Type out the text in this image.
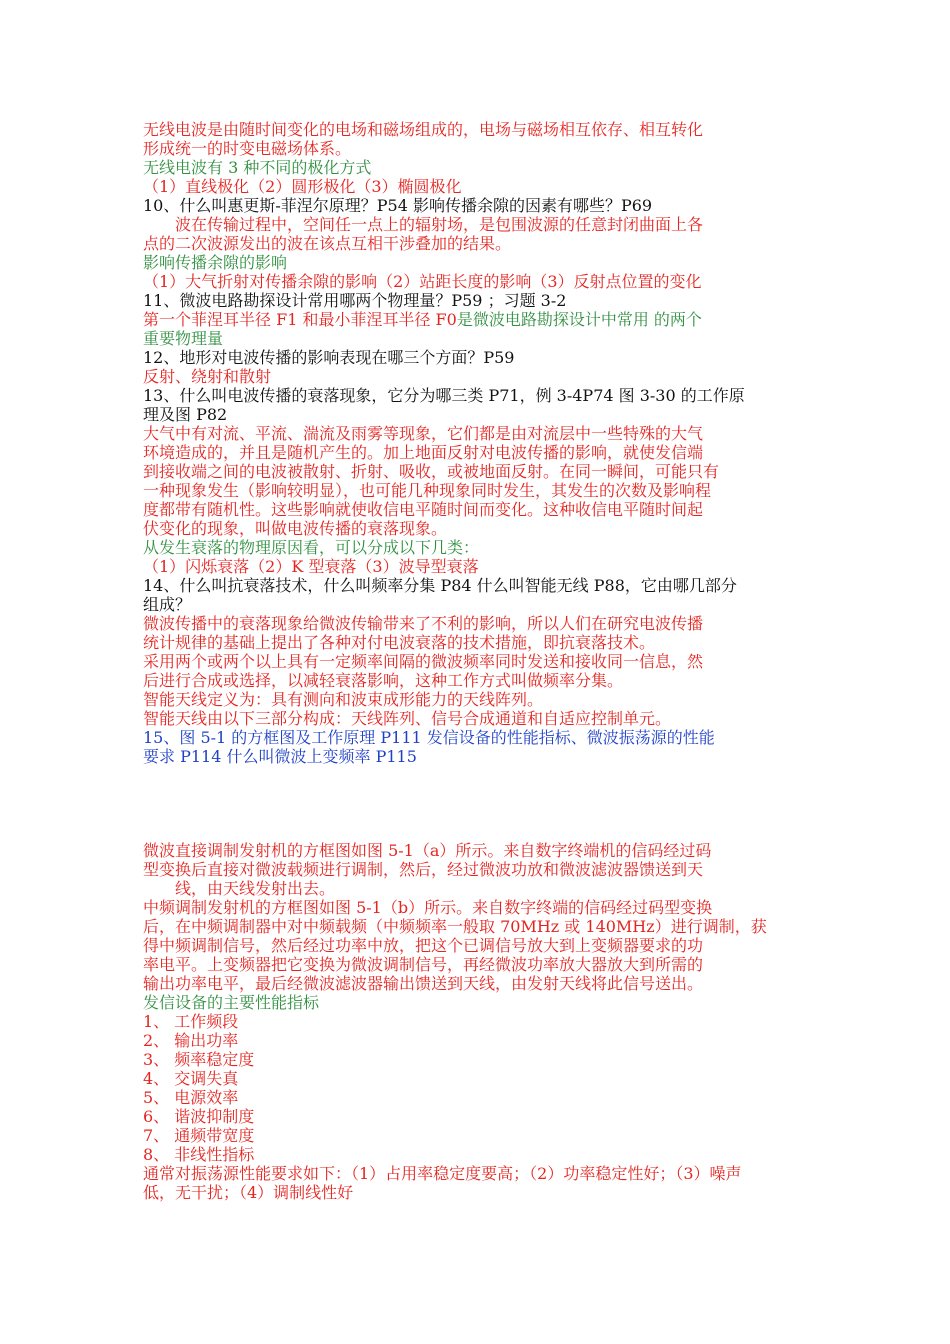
无线电波是由随时间变化的电场和磁场组成的，电场与磁场相互依存、相互转化
形成统一的时变电磁场体系。
无线电波有 3 种不同的极化方式
（1）直线极化（2）圆形极化（3）椭圆极化
10、什么叫惠更斯-菲涅尔原理？P54 影响传播余隙的因素有哪些？P69
波在传输过程中，空间任一点上的辐射场，是包围波源的任意封闭曲面上各
点的二次波源发出的波在该点互相干涉叠加的结果。
影响传播余隙的影响
（1）大气折射对传播余隙的影响（2）站距长度的影响（3）反射点位置的变化
11、微波电路勘探设计常用哪两个物理量？P59 ；习题 3-2
第一个菲涅耳半径 F1 和最小菲涅耳半径 F0是微波电路勘探设计中常用 的两个
重要物理量
12、地形对电波传播的影响表现在哪三个方面？P59
反射、绕射和散射
13、什么叫电波传播的衰落现象，它分为哪三类 P71，例 3-4P74 图 3-30 的工作原
理及图 P82
大气中有对流、平流、湍流及雨雾等现象，它们都是由对流层中一些特殊的大气
环境造成的，并且是随机产生的。加上地面反射对电波传播的影响，就使发信端
到接收端之间的电波被散射、折射、吸收，或被地面反射。在同一瞬间，可能只有
一种现象发生（影响较明显），也可能几种现象同时发生，其发生的次数及影响程
度都带有随机性。这些影响就使收信电平随时间而变化。这种收信电平随时间起
伏变化的现象，叫做电波传播的衰落现象。
从发生衰落的物理原因看，可以分成以下几类：
（1）闪烁衰落（2）K 型衰落（3）波导型衰落
14、什么叫抗衰落技术，什么叫频率分集 P84 什么叫智能无线 P88，它由哪几部分
组成？
微波传播中的衰落现象给微波传输带来了不利的影响，所以人们在研究电波传播
统计规律的基础上提出了各种对付电波衰落的技术措施，即抗衰落技术。
采用两个或两个以上具有一定频率间隔的微波频率同时发送和接收同一信息，然
后进行合成或选择，以减轻衰落影响，这种工作方式叫做频率分集。
智能天线定义为：具有测向和波束成形能力的天线阵列。
智能天线由以下三部分构成：天线阵列、信号合成通道和自适应控制单元。
15、图 5-1 的方框图及工作原理 P111 发信设备的性能指标、微波振荡源的性能
要求 P114 什么叫微波上变频率 P115
微波直接调制发射机的方框图如图 5-1（a）所示。来自数字终端机的信码经过码
型变换后直接对微波载频进行调制，然后，经过微波功放和微波滤波器馈送到天
线，由天线发射出去。
中频调制发射机的方框图如图 5-1（b）所示。来自数字终端的信码经过码型变换
后，在中频调制器中对中频载频（中频频率一般取 70MHz 或 140MHz）进行调制，获
得中频调制信号，然后经过功率中放，把这个已调信号放大到上变频器要求的功
率电平。上变频器把它变换为微波调制信号，再经微波功率放大器放大到所需的
输出功率电平，最后经微波滤波器输出馈送到天线，由发射天线将此信号送出。
发信设备的主要性能指标
1、 工作频段
2、 输出功率
3、 频率稳定度
4、 交调失真
5、 电源效率
6、 谐波抑制度
7、 通频带宽度
8、 非线性指标
通常对振荡源性能要求如下：（1）占用率稳定度要高；（2）功率稳定性好；（3）噪声
低，无干扰；（4）调制线性好
